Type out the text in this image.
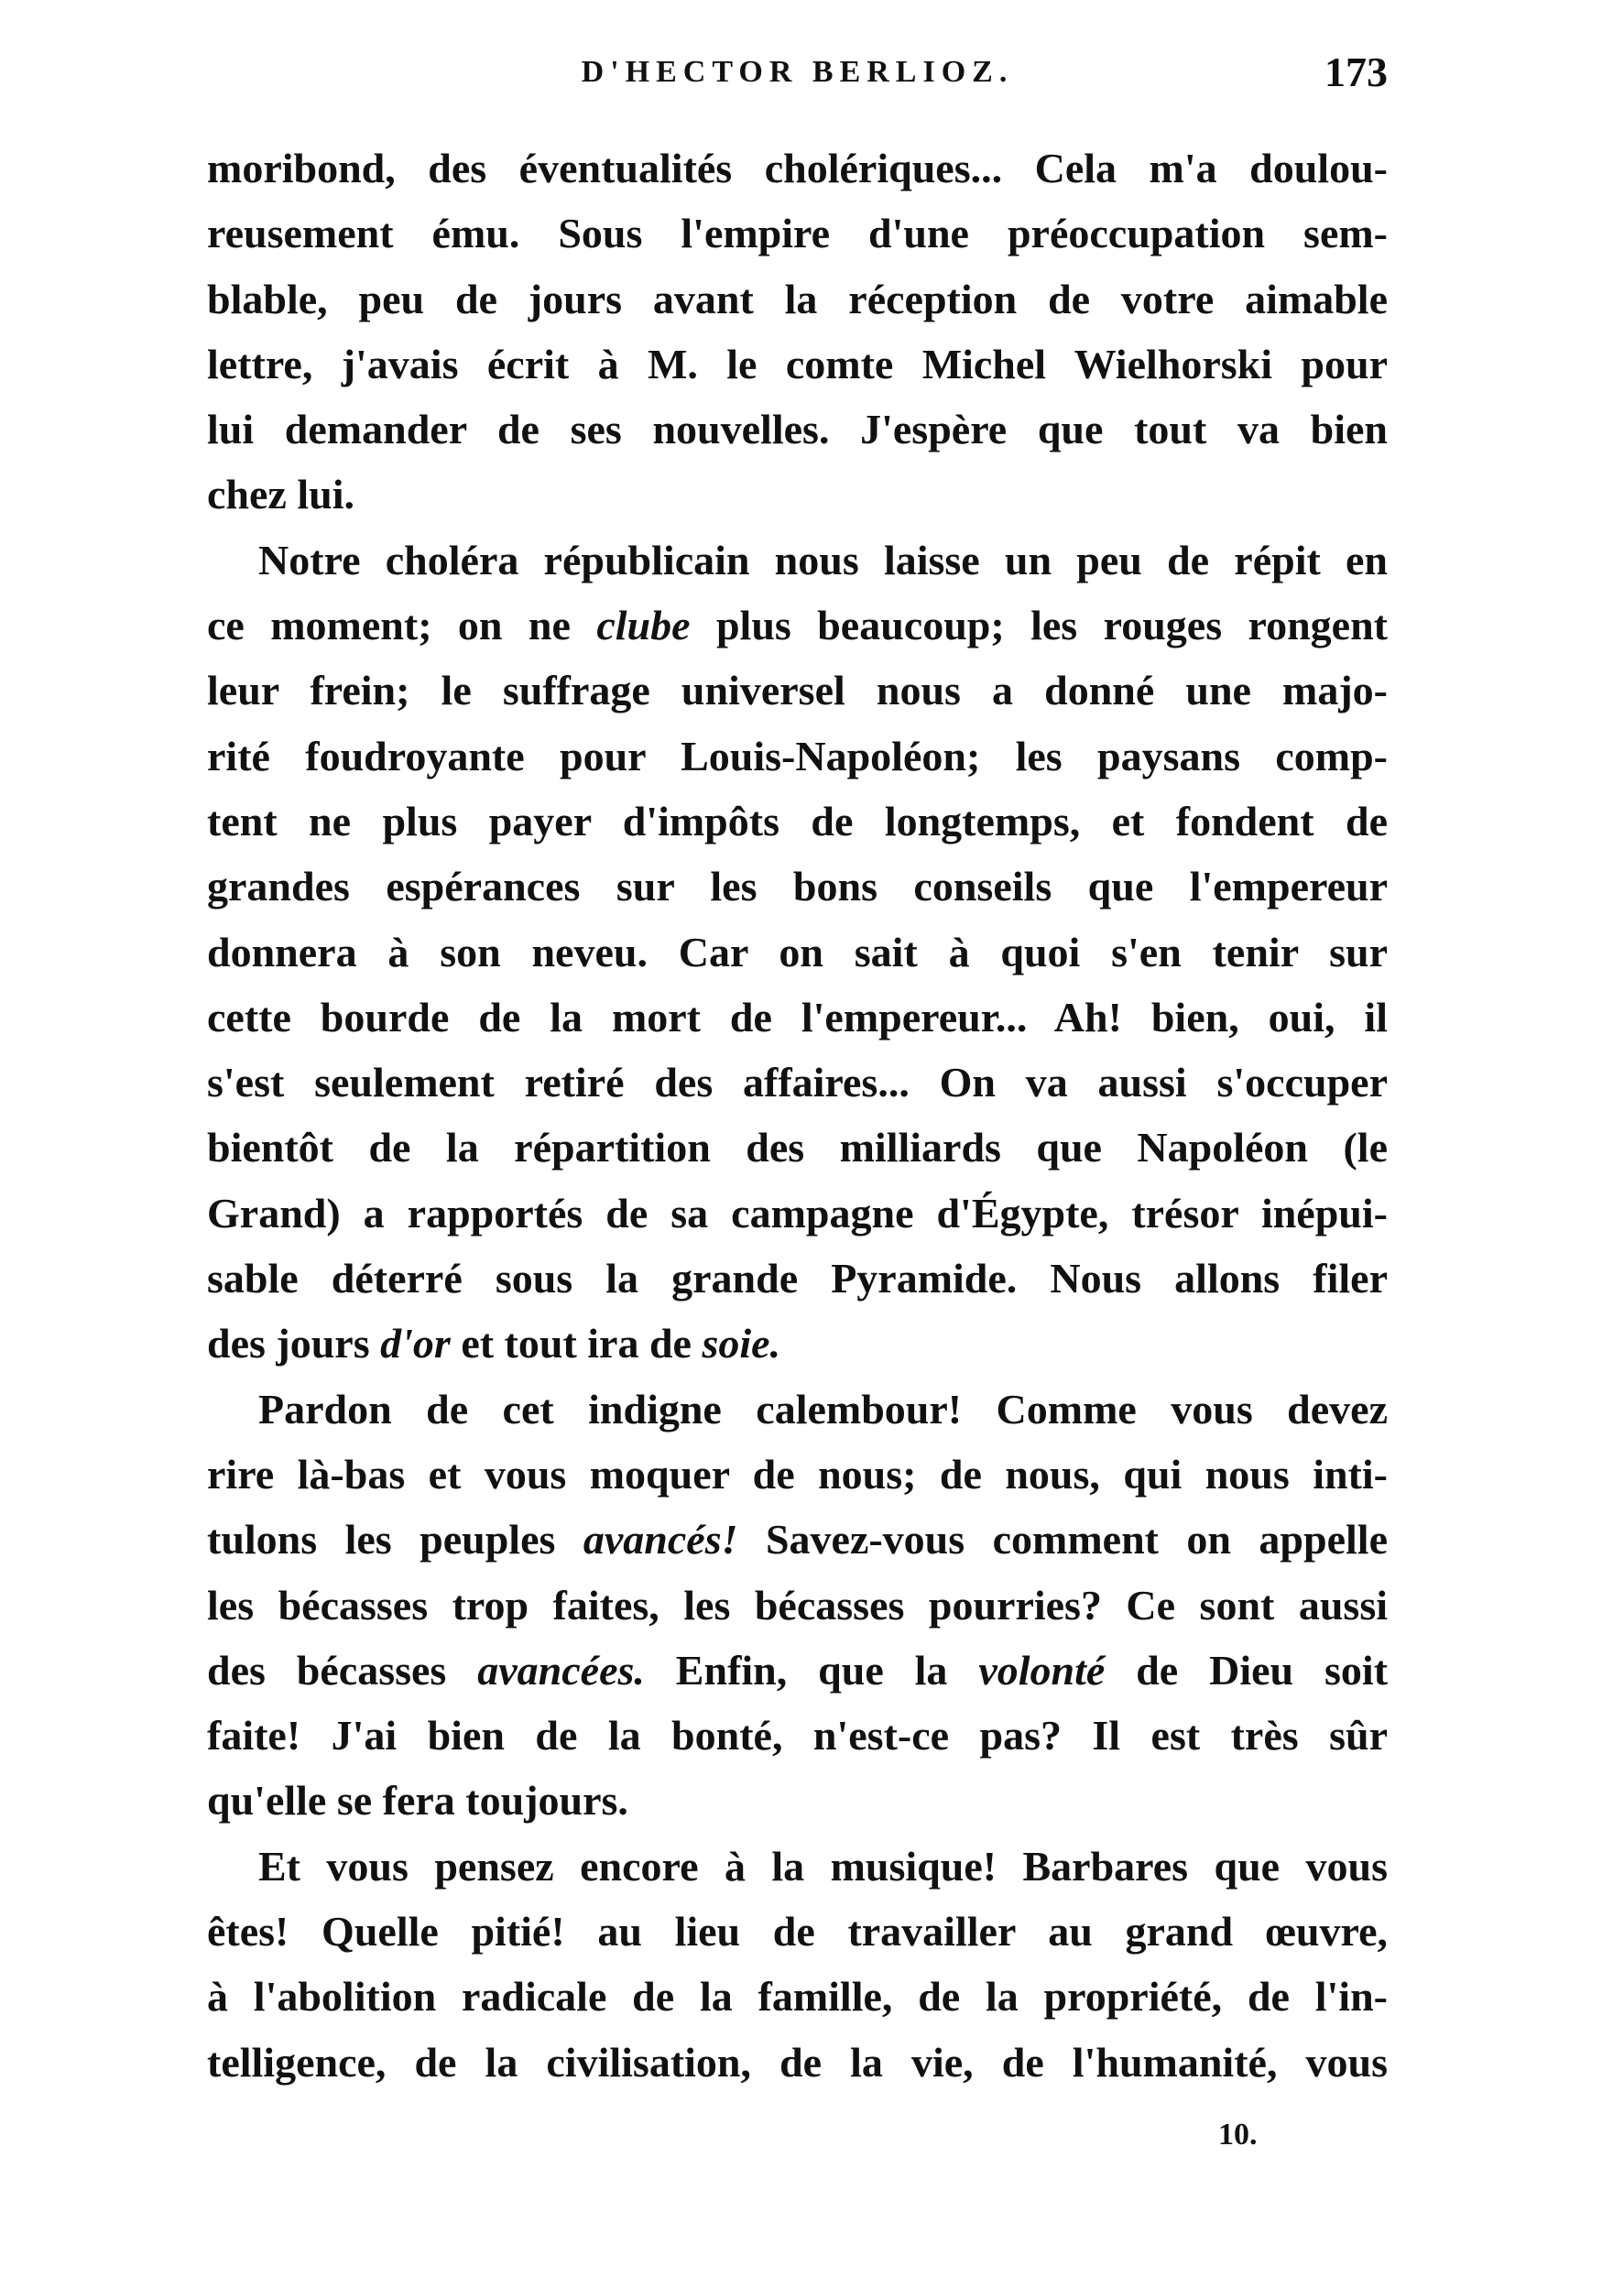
D'HECTOR BERLIOZ.	173
moribond, des éventualités cholériques... Cela m'a doulou-
reusement ému. Sous l'empire d'une préoccupation sem-
blable, peu de jours avant la réception de votre aimable
lettre, j'avais écrit à M. le comte Michel Wielhorski pour
lui demander de ses nouvelles. J'espère que tout va bien
chez lui.
Notre choléra républicain nous laisse un peu de répit en
ce moment; on ne clube plus beaucoup; les rouges rongent
leur frein; le suffrage universel nous a donné une majo-
rité foudroyante pour Louis-Napoléon; les paysans comp-
tent ne plus payer d'impôts de longtemps, et fondent de
grandes espérances sur les bons conseils que l'empereur
donnera à son neveu. Car on sait à quoi s'en tenir sur
cette bourde de la mort de l'empereur... Ah! bien, oui, il
s'est seulement retiré des affaires... On va aussi s'occuper
bientôt de la répartition des milliards que Napoléon (le
Grand) a rapportés de sa campagne d'Égypte, trésor inépui-
sable déterré sous la grande Pyramide. Nous allons filer
des jours d'or et tout ira de soie.
Pardon de cet indigne calembour! Comme vous devez
rire là-bas et vous moquer de nous; de nous, qui nous inti-
tulons les peuples avancés! Savez-vous comment on appelle
les bécasses trop faites, les bécasses pourries? Ce sont aussi
des bécasses avancées. Enfin, que la volonté de Dieu soit
faite! J'ai bien de la bonté, n'est-ce pas? Il est très sûr
qu'elle se fera toujours.
Et vous pensez encore à la musique! Barbares que vous
êtes! Quelle pitié! au lieu de travailler au grand œuvre,
à l'abolition radicale de la famille, de la propriété, de l'in-
telligence, de la civilisation, de la vie, de l'humanité, vous
10.
